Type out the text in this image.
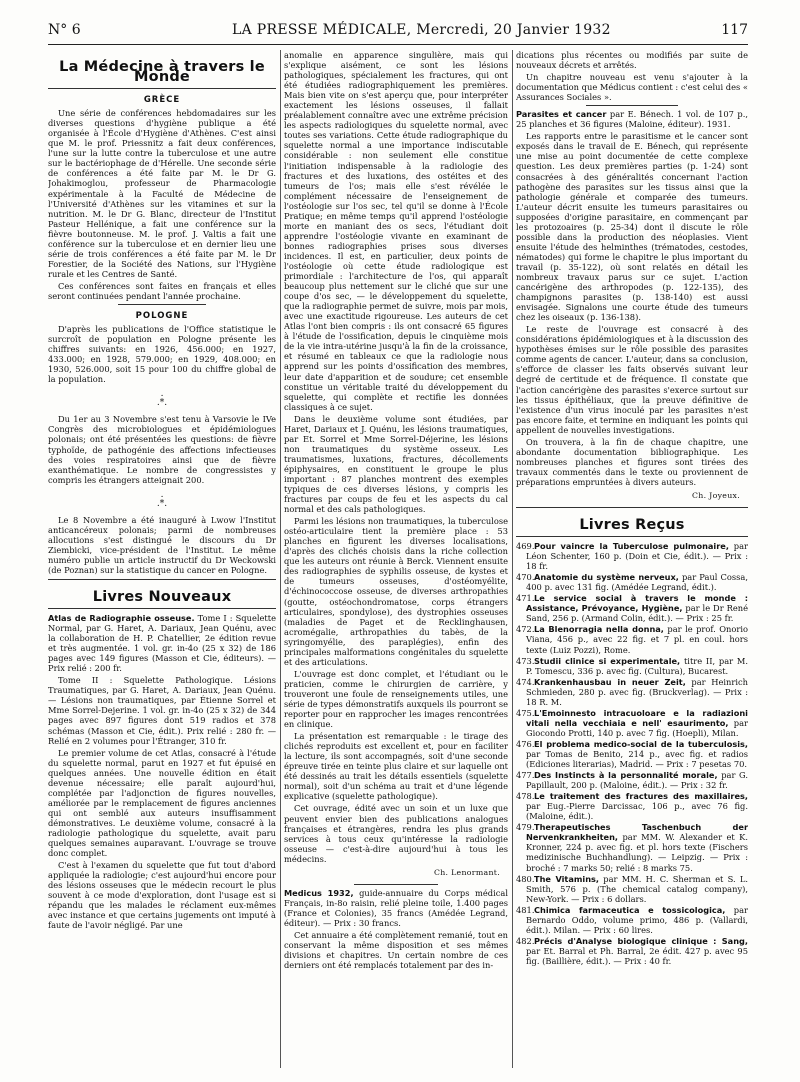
N° 6	LA PRESSE MÉDICALE, Mercredi, 20 Janvier 1932	117
La Médecine à travers le Monde
GRÈCE

Une série de conférences hebdomadaires sur les diverses questions d'hygiène publique a été organisée à l'École d'Hygiène d'Athènes. C'est ainsi que M. le prof. Priessnitz a fait deux conférences, l'une sur la lutte contre la tuberculose et une autre sur le bactériophage de d'Hérelle. Une seconde série de conférences a été faite par M. le Dr G. Johakimoglou, professeur de Pharmacologie expérimentale à la Faculté de Médecine de l'Université d'Athènes sur les vitamines et sur la nutrition. M. le Dr G. Blanc, directeur de l'Institut Pasteur Hellénique, a fait une conférence sur la fièvre boutonneuse. M. le prof. J. Valtis a fait une conférence sur la tuberculose et en dernier lieu une série de trois conférences a été faite par M. le Dr Forestier, de la Société des Nations, sur l'Hygiène rurale et les Centres de Santé.

Ces conférences sont faites en français et elles seront continuées pendant l'année prochaine.

POLOGNE

D'après les publications de l'Office statistique le surcroît de population en Pologne présente les chiffres suivants: en 1926, 456.000; en 1927, 433.000; en 1928, 579.000; en 1929, 408.000; en 1930, 526.000, soit 15 pour 100 du chiffre global de la population.

.
.*.

Du 1er au 3 Novembre s'est tenu à Varsovie le IVe Congrès des microbiologues et épidémiologues polonais; ont été présentées les questions: de fièvre typhoïde, de pathogénie des affections infectieuses des voies respiratoires ainsi que de fièvre exanthématique. Le nombre de congressistes y compris les étrangers atteignait 200.

.
.*.

Le 8 Novembre a été inauguré à Lwow l'Institut anticancéreux polonais; parmi de nombreuses allocutions s'est distingué le discours du Dr Ziembicki, vice-président de l'Institut. Le même numéro publie un article instructif du Dr Weckowski (de Poznan) sur la statistique du cancer en Pologne.

Livres Nouveaux

Atlas de Radiographie osseuse. Tome I : Squelette Normal, par G. Haret, A. Dariaux, Jean Quénu, avec la collaboration de H. P. Chatellier, 2e édition revue et très augmentée. 1 vol. gr. in-4o (25 x 32) de 186 pages avec 149 figures (Masson et Cie, éditeurs). — Prix relié : 200 fr.

Tome II : Squelette Pathologique. Lésions Traumatiques, par G. Haret, A. Dariaux, Jean Quénu. — Lésions non traumatiques, par Étienne Sorrel et Mme Sorrel-Dejerine. 1 vol. gr. in-4o (25 x 32) de 344 pages avec 897 figures dont 519 radios et 378 schémas (Masson et Cie, édit.). Prix relié : 280 fr. — Relié en 2 volumes pour l'Étranger, 310 fr.

Le premier volume de cet Atlas, consacré à l'étude du squelette normal, parut en 1927 et fut épuisé en quelques années. Une nouvelle édition en était devenue nécessaire; elle paraît aujourd'hui, complétée par l'adjonction de figures nouvelles, améliorée par le remplacement de figures anciennes qui ont semblé aux auteurs insuffisamment démonstratives. Le deuxième volume, consacré à la radiologie pathologique du squelette, avait paru quelques semaines auparavant. L'ouvrage se trouve donc complet.

C'est à l'examen du squelette que fut tout d'abord appliquée la radiologie; c'est aujourd'hui encore pour des lésions osseuses que le médecin recourt le plus souvent à ce mode d'exploration, dont l'usage est si répandu que les malades le réclament eux-mêmes avec instance et que certains jugements ont imputé à faute de l'avoir négligé. Par une

anomalie en apparence singulière, mais qui s'explique aisément, ce sont les lésions pathologiques, spécialement les fractures, qui ont été étudiées radiographiquement les premières. Mais bien vite on s'est aperçu que, pour interpréter exactement les lésions osseuses, il fallait préalablement connaître avec une extrême précision les aspects radiologiques du squelette normal, avec toutes ses variations. Cette étude radiographique du squelette normal a une importance indiscutable considérable : non seulement elle constitue l'initiation indispensable à la radiologie des fractures et des luxations, des ostéites et des tumeurs de l'os; mais elle s'est révélée le complément nécessaire de l'enseignement de l'ostéologie sur l'os sec, tel qu'il se donne à l'École Pratique; en même temps qu'il apprend l'ostéologie morte en maniant des os secs, l'étudiant doit apprendre l'ostéologie vivante en examinant de bonnes radiographies prises sous diverses incidences. Il est, en particulier, deux points de l'ostéologie où cette étude radiologique est primordiale : l'architecture de l'os, qui apparaît beaucoup plus nettement sur le cliché que sur une coupe d'os sec, — le développement du squelette, que la radiographie permet de suivre, mois par mois, avec une exactitude rigoureuse. Les auteurs de cet Atlas l'ont bien compris : ils ont consacré 65 figures à l'étude de l'ossification, depuis le cinquième mois de la vie intra-utérine jusqu'à la fin de la croissance, et résumé en tableaux ce que la radiologie nous apprend sur les points d'ossification des membres, leur date d'apparition et de soudure; cet ensemble constitue un véritable traité du développement du squelette, qui complète et rectifie les données classiques à ce sujet.

Dans le deuxième volume sont étudiées, par Haret, Dariaux et J. Quénu, les lésions traumatiques, par Et. Sorrel et Mme Sorrel-Déjerine, les lésions non traumatiques du système osseux. Les traumatismes, luxations, fractures, décollements épiphysaires, en constituent le groupe le plus important : 87 planches montrent des exemples typiques de ces diverses lésions, y compris les fractures par coups de feu et les aspects du cal normal et des cals pathologiques.

Parmi les lésions non traumatiques, la tuberculose ostéo-articulaire tient la première place : 53 planches en figurent les diverses localisations, d'après des clichés choisis dans la riche collection que les auteurs ont réunie à Berck. Viennent ensuite des radiographies de syphilis osseuse, de kystes et de tumeurs osseuses, d'ostéomyélite, d'échinococcose osseuse, de diverses arthropathies (goutte, ostéochondromatose, corps étrangers articulaires, spondylose), des dystrophies osseuses (maladies de Paget et de Recklinghausen, acromégalie, arthropathies du tabès, de la syringomyélie, des paraplégies), enfin des principales malformations congénitales du squelette et des articulations.

L'ouvrage est donc complet, et l'étudiant ou le praticien, comme le chirurgien de carrière, y trouveront une foule de renseignements utiles, une série de types démonstratifs auxquels ils pourront se reporter pour en rapprocher les images rencontrées en clinique.

La présentation est remarquable : le tirage des clichés reproduits est excellent et, pour en faciliter la lecture, ils sont accompagnés, soit d'une seconde épreuve tirée en teinte plus claire et sur laquelle ont été dessinés au trait les détails essentiels (squelette normal), soit d'un schéma au trait et d'une légende explicative (squelette pathologique).

Cet ouvrage, édité avec un soin et un luxe que peuvent envier bien des publications analogues françaises et étrangères, rendra les plus grands services à tous ceux qu'intéresse la radiologie osseuse — c'est-à-dire aujourd'hui à tous les médecins.

Ch. Lenormant.

Medicus 1932, guide-annuaire du Corps médical Français, in-8o raisin, relié pleine toile, 1.400 pages (France et Colonies), 35 francs (Amédée Legrand, éditeur). — Prix : 30 francs.

Cet annuaire a été complètement remanié, tout en conservant la même disposition et ses mêmes divisions et chapitres. Un certain nombre de ces derniers ont été remplacés totalement par des in-

dications plus récentes ou modifiés par suite de nouveaux décrets et arrêtés.

Un chapitre nouveau est venu s'ajouter à la documentation que Médicus contient : c'est celui des « Assurances Sociales ».

Parasites et cancer par E. Bénech. 1 vol. de 107 p., 25 planches et 36 figures (Maloine, éditeur). 1931.

Les rapports entre le parasitisme et le cancer sont exposés dans le travail de E. Bénech, qui représente une mise au point documentée de cette complexe question. Les deux premières parties (p. 1-24) sont consacrées à des généralités concernant l'action pathogène des parasites sur les tissus ainsi que la pathologie générale et comparée des tumeurs. L'auteur décrit ensuite les tumeurs parasitaires ou supposées d'origine parasitaire, en commençant par les protozoaires (p. 25-34) dont il discute le rôle possible dans la production des néoplasies. Vient ensuite l'étude des helminthes (trématodes, cestodes, nématodes) qui forme le chapitre le plus important du travail (p. 35-122), où sont relatés en détail les nombreux travaux parus sur ce sujet. L'action cancérigène des arthropodes (p. 122-135), des champignons parasites (p. 138-140) est aussi envisagée. Signalons une courte étude des tumeurs chez les oiseaux (p. 136-138).

Le reste de l'ouvrage est consacré à des considérations épidémiologiques et à la discussion des hypothèses émises sur le rôle possible des parasites comme agents de cancer. L'auteur, dans sa conclusion, s'efforce de classer les faits observés suivant leur degré de certitude et de fréquence. Il constate que l'action cancérigène des parasites s'exerce surtout sur les tissus épithéliaux, que la preuve définitive de l'existence d'un virus inoculé par les parasites n'est pas encore faite, et termine en indiquant les points qui appellent de nouvelles investigations.

On trouvera, à la fin de chaque chapitre, une abondante documentation bibliographique. Les nombreuses planches et figures sont tirées des travaux commentés dans le texte ou proviennent de préparations empruntées à divers auteurs.

Ch. Joyeux.
Livres Reçus
469.Pour vaincre la Tuberculose pulmonaire, par Léon Schenter, 160 p. (Doin et Cie, édit.). — Prix : 18 fr.
470.Anatomie du système nerveux, par Paul Cossa, 400 p. avec 131 fig. (Amédée Legrand, édit.).
471.Le service social à travers le monde : Assistance, Prévoyance, Hygiène, par le Dr René Sand, 256 p. (Armand Colin, édit.). — Prix : 25 fr.
472.La Blenorragia nella donna, par le prof. Onorio Viana, 456 p., avec 22 fig. et 7 pl. en coul. hors texte (Luiz Pozzi), Rome.
473.Studii clinice si experimentale, titre II, par M. P. Tomescu, 336 p. avec fig. (Cultura), Bucarest.
474.Krankenhausbau in neuer Zeit, par Heinrich Schmieden, 280 p. avec fig. (Bruckverlag). — Prix : 18 R. M.
475.L'Emoinnesto intracuoloare e la radiazioni vitali nella vecchiaia e nell' esaurimento, par Giocondo Protti, 140 p. avec 7 fig. (Hoepli), Milan.
476.El problema medico-social de la tuberculosis, par Tomas de Benito, 214 p., avec fig. et radios (Ediciones literarias), Madrid. — Prix : 7 pesetas 70.
477.Des Instincts à la personnalité morale, par G. Papillault, 200 p. (Maloine, édit.). — Prix : 32 fr.
478.Le traitement des fractures des maxillaires, par Eug.-Pierre Darcissac, 106 p., avec 76 fig. (Maloine, édit.).
479.Therapeutisches Taschenbuch der Nervenkrankheiten, par MM. W. Alexander et K. Kronner, 224 p. avec fig. et pl. hors texte (Fischers medizinische Buchhandlung). — Leipzig. — Prix : broché : 7 marks 50; relié : 8 marks 75.
480.The Vitamins, par MM. H. C. Sherman et S. L. Smith, 576 p. (The chemical catalog company), New-York. — Prix : 6 dollars.
481.Chimica farmaceutica e tossicologica, par Bernardo Oddo, volume primo, 486 p. (Vallardi, édit.). Milan. — Prix : 60 lires.
482.Précis d'Analyse biologique clinique : Sang, par Et. Barral et Ph. Barral, 2e édit. 427 p. avec 95 fig. (Baillière, édit.). — Prix : 40 fr.
